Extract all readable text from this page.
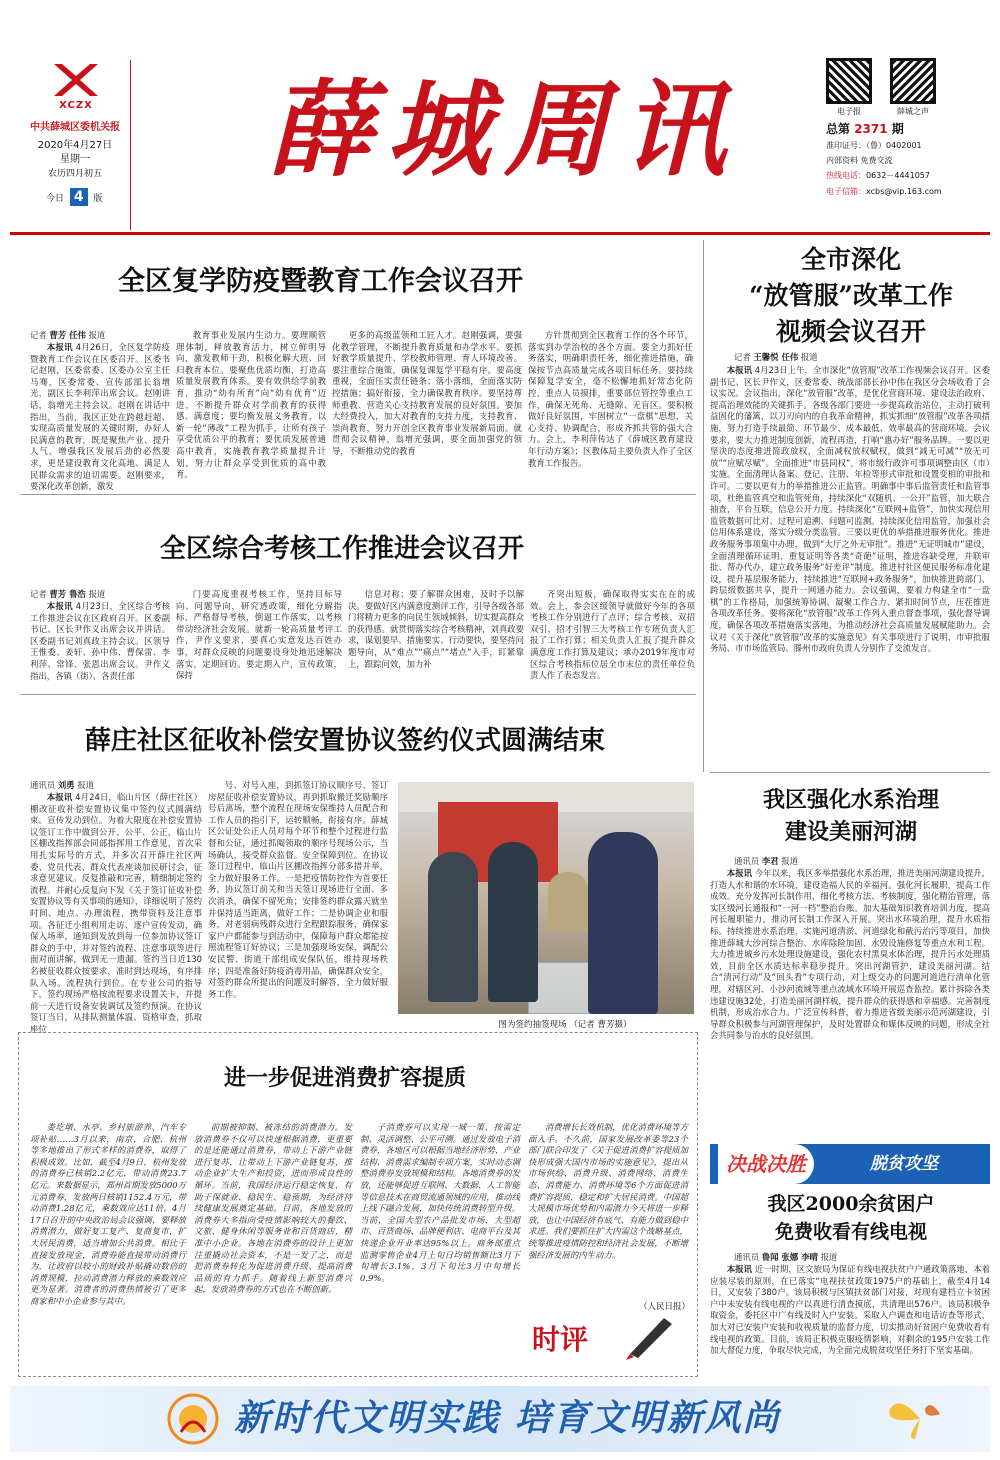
XCZX
中共薛城区委机关报
2020年4月27日
星期一
农历四月初五
今日 4 版
薛城周讯	电子报	薛城之声
总第 2371 期
准印证号：（鲁）0402001
内部资料 免费交流
热线电话：0632－4441057
电子信箱：xcbs@vip.163.com
全区复学防疫暨教育工作会议召开
记者 曹芳 任伟 报道

本报讯 4月26日，全区复学防疫暨教育工作会议在区委召开。区委书记赵刚，区委常委、区委办公室主任马骞，区委常委、宣传部部长翁增光，副区长李利萍出席会议。赵刚讲话，翁增光主持会议。赵刚在讲话中指出，当前，我区正处在跨越赶超、实现高质量发展的关键时期，办好人民满意的教育，既是聚焦产业、提升人气，增强我区发展后劲的必然要求，更是建设教育文化高地、满足人民群众需求的迫切需要。赵刚要求，要深化改革创新，激发

教育事业发展内生动力。要理顺管理体制，释放教育活力，树立鲜明导向，激发教师干劲，积极化解大班、回归教育本位。要聚焦优质均衡，打造高质量发展教育体系。要有效供给学前教育，推动“幼有所育”向“幼有优育”迈进，不断提升群众对学前教育的获得感、满意度；要均衡发展义务教育，以新一轮“薄改”工程为抓手，让所有孩子享受优质公平的教育；要优质发展普通高中教育，实施教育教学质量提升计划，努力让群众享受到优质的高中教育。

更多的高级蓝领和工匠人才。赵刚强调，要强化教学管理，不断提升教育质量和办学水平。要抓好教学质量提升、学校教师管理、育人环境改善。要注重综合施策，确保复课复学平稳有序。要高度重视，全面压实责任链条；落小落细，全面落实防控措施；搞好衔接，全力确保教育秩序。要坚持尊师重教、营造关心支持教育发展的良好氛围。要加大经费投入，加大对教育的支持力度，支持教育、崇尚教育，努力开创全区教育事业发展新局面。就贯彻会议精神，翁增光强调，要全面加强党的领导，不断推动党的教育

方针贯彻到全区教育工作的各个环节，落实到办学治校的各个方面。要全力抓好任务落实，明确职责任务，细化推进措施，确保按节点高质量完成各项目标任务。要持续保障复学安全，毫不松懈地抓好常态化防控，重点人员摸排，重要部位管控等重点工作，确保无死角、无缝隙、无盲区。要积极做好良好氛围，牢固树立“一盘棋”思想，关心支持、协调配合，形成齐抓共管的强大合力。会上，李利萍传达了《薛城区教育建设年行动方案》；区教体局主要负责人作了全区教育工作报告。

全市深化
“放管服”改革工作
视频会议召开
记者 王馨悦 任伟 报道

本报讯 4月23日上午，全市深化“放管服”改革工作视频会议召开。区委副书记、区长尹作义，区委常委、统战部部长孙中伟在我区分会场收看了会议实况。会议指出，深化“放管服”改革，是优化营商环境、建设法治政府、提高治理效能的关键抓手。各级各部门要进一步提高政治站位，主动打破利益固化的藩篱，以刀刃向内的自我革命精神，抓实抓细“放管服”改革各项措施，努力打造手续最简、环节最少、成本最低、效率最高的营商环境。会议要求，要大力推进制度创新，流程再造，打响“惠办好”服务品牌。一要以更坚决的态度推进简政放权，全面减权放权赋权，做到“减无可减”“放无可放”“应赋尽赋”。全面推进“市县同权”，将市级行政许可事项调整由区（市）实施。全面清理认备案、登记、注册、年检等形式审批和设置变相的审批和许可。二要以更有力的举措推进公正监管。明确事中事后监管责任和监管事项，杜绝监管真空和监管死角，持续深化“双随机、一公开”监管，加大联合抽查，平台互联，信息公开力度。持续深化“互联网+监管”，加快实现信用监管数据可比对、过程可追溯、问题可监测。持续深化信用监管，加强社会信用体系建设，落实分级分类监管。三要以更优的举措推进服务优化。推进政务服务事项集中办理，做到“大厅之外无审批”。推进“无证明城市”建设，全面清理循环证明、重复证明等各类“奇葩”证明，推进容缺受理，并联审批、帮办代办，建立政务服务“好差评”制度。推进村社区便民服务标准化建设，提升基层服务能力，持续推进“互联网+政务服务”，加快推进跨部门、跨层级数据共享，提升一网通办能力。会议强调，要着力构建全市“一盘棋”的工作格局，加强统筹协调、凝聚工作合力、紧扣时间节点，压茬推进各项改革任务。要将深化“放管服”改革工作列入重点督查事项，强化督导调度，确保各项改革措施落实落地，为推动经济社会高质量发展赋能助力。会议对《关于深化“放管服”改革的实施意见》有关事项进行了说明，市审批服务局、市市场监管局、滕州市政府负责人分别作了交流发言。

全区综合考核工作推进会议召开
记者 曹芳 鲁浩 报道

本报讯 4月23日，全区综合考核工作推进会议在区政府召开。区委副书记、区长尹作义出席会议并讲话。区委副书记刘真政主持会议。区领导王惟委、姜轩、孙中伟、曹保雷、李利萍、常锋、张恩出席会议。尹作义指出，各镇（街）、各责任部

门要高度重视考核工作，坚持目标导向、问题导向，研究透政策，细化分解指标，严格督导考核，倒逼工作落实，以考核带动经济社会发展。就新一轮高质量考评工作，尹作义要求，要真心实意发达百姓办事，对群众反映的问题要设身处地迅速解决落实，定期回访。要定期入户，宣传政策，保持

信息对称；要了解群众困难，及时予以解决。要做好区内满意度测评工作，引导各级各部门将精力更多的向民生领域倾斜，切实提高群众的获得感。就贯彻落实综合考核精神，刘真政要求，谋划要早、措施要实、行动要快，要坚持问题导向，从“难点”“痛点”“堵点”入手，盯紧靠上，跟踪问效，加力补

齐突出短板，确保取得实实在在的成效。会上，参会区级领导就做好今年的各项考核工作分别进行了点评；综合考核、双招双引、招才引智三大考核工作专班负责人汇报了工作打算；相关负责人汇报了提升群众满意度工作打算及建议；承办2019年度市对区综合考核指标位居全市末位的责任单位负责人作了表态发言。

薛庄社区征收补偿安置协议签约仪式圆满结束
通讯员 刘勇 报道

本报讯 4月24日，临山片区（薛庄社区）棚改征收补偿安置协议集中签约仪式圆满结束。宣传发动到位。为着大限度在补偿安置协议签订工作中做到公开、公平、公正，临山片区棚改指挥部会同部指挥用工作意见，首次采用扎实际号的方式，并多次召开薛庄社区两委、党员代表、群众代表座谈加民研讨会，征求意见建议。反复推敲和完善，精细制定签约流程。并耐心反复向下发《关于签订征收补偿安置协议等有关事项的通知》，详细说明了签约时间、地点、办理流程，携带资料及注意事项。各征迁小组利用走访、逐户宣传发动，确保入场率，通知到发放到每一位参加协议签订群众的手中，并对签约流程、注意事项等进行面对面讲解，做到无一遗漏。签约当日近130名被征收群众按要求，准时到达现场，有序排队入场。流程执行到位。在专业公司的指导下，签约现场严格按流程要求设置关卡，并提前一天进行设备安装调试及签约预演。在协议签订当日，从排队测量体温、资格审查，抓取座位

号、对号入座，到抓签订协议顺序号、签订房屋征收补偿安置协议，再到抓取搬迁奖励顺序号后离场，整个流程在现场安保维持人员配合和工作人员的指引下，运转顺畅，衔接有序。薛城区公证处公正人员对每个环节和整个过程进行监督和公证，通过抓阄领取的顺序号现场公示，当场确认，接受群众监督。安全保障到位。在协议签订过程中，临山片区棚改指挥分部多措并举，全力做好服务工作。一是把疫情防控作为首要任务，协议签订前关和当天签订现场进行全面、多次消杀，确保不留死角；安排签约群众露天就坐并保持适当距离，做好工作；二是协调企业和服务，对老弱病残群众进行全程跟踪服务，确保家家户户都能参与到活动中，保障每户群众都能按照流程签订好协议；三是加强现场安保，调配公安民警、街道干部组成安保队伍，维持现场秩序；四是准备好防疫消毒用品，确保群众安全，对签约群众所提出的问题及时解答，全力做好服务工作。

图为签约抽签现场 （记者 曹芳摄）
我区强化水系治理
建设美丽河湖
通讯员 李君 报道

本报讯 今年以来，我区多举措强化水系治理，推进美丽河湖建设提升，打造人水和谐的水环境，建设造福人民的幸福河。强化河长履职，提高工作成效。充分发挥河长制作用，细化考核方法、考核制度，强化精治管理，落实区级河长通报和“一河一档”整治台账。加大基础知识教育培训力度，提高河长履职能力，推动河长制工作深入开展。突出水环境治理，提升水质指标。持续推进水系治理，实施河道清淤、河道绿化和截污治污等项目，加快推进薛城大沙河综合整治、水库除险加固、水毁设施修复等重点水利工程。大力推进城乡污水处理设施建设，强化农村黑臭水体治理，提升污水处理质效，目前全区水质达标率稳步提升。突出河湖管护，建设美丽河湖。结合“清河行动”及“回头看”专项行动，对上级交办的问题河道进行清单化管理，对辖区河、小沙河流域等重点流域水环境开展巡查监控。累计拆除各类违建设施32处，打造美丽河湖样板，提升群众的获得感和幸福感。完善制度机制，形成治水合力。广泛宣传科普，着力推进省级美丽示范河湖建设，引导群众积极参与河湖管理保护，及时处置群众和媒体反映的问题，形成全社会共同参与治水的良好氛围。

进一步促进消费扩容提质

娄圪墩、水亭、乡村旅游养、汽车专项补贴……3月以来，南京、合肥、杭州等多地推出了形式多样的消费券，取得了积极成效。比如，截至4月9日，杭州发放的消费券已核销2.2亿元，带动消费23.7亿元。来数据显示，郑州首期发放5000万元消费券，发放两日核销1152.4万元，带动消费1.28亿元，乘数效应达11倍。4月17日召开的中央政治局会议强调，要释放消费潜力，做好复工复产、复商复市，扩大居民消费，适当增加公共消费。相比于直接发放现金，消费券能直接带动消费行为，让政府以较小的财政补贴撬动数倍的消费规模，拉动消费潜力释放的乘数效应更为显著。消费者的消费热情被引了更多商家和中小企业参与其中。

前期被抑制、被冻结的消费潜力。发放消费券不仅可以快速根据消费，更重要的是还能通过消费券，带动上下游产业链进行复苏，让带动上下游产业链复苏，推动企业扩大生产和投资，进而形成良性的循环。当前，我国经济运行稳定恢复，有助于保就业、稳民生、稳预期，为经济持续健康发展奠定基础。目前，各地发放的消费券大多指向受疫情影响较大的餐饮、文旅、健身休闲等服务业和百货商店，精准中小企业。各地在消费券的设计上更加注重撬动社会资本，不是一发了之，而是把消费券转化为促进消费升级、提高消费品质的有力抓手。随着线上新型消费兴起，发放消费券的方式也在不断创新。

子消费券可以实现一城一策、按需定制、灵活调整、公平可溯。通过发放电子消费券，各地区可以根据当地经济形势、产业结构、消费需求编制专项方案，实时动态调整消费券发放规模和结构。各地消费券的发放，还能够促进互联网、大数据、人工智能等信息技术在商贸流通领域的应用，推动线上线下融合发展，加快传统消费转型升级。当前，全国大型农产品批发市场、大型超市、百货商场、品牌便利店、电商平台及其快递企业开业率达95%以上。商务部重点监测零售企业4月上旬日均销售额比3月下旬增长3.1%，3月下旬比3月中旬增长0.9%。

消费增长长效机制，优化消费环境等方面入手。不久前，国家发展改革委等23个部门联合印发了《关于促进消费扩容提质加快形成强大国内市场的实施意见》，提出从市场供给、消费升级、消费网络、消费生态、消费能力、消费环境等6个方面促进消费扩容提质，稳定和扩大居民消费。中国超大规模市场优势和内需潜力今天将进一步释放，也让中国经济有底气、有能力做到稳中求进。我们要抓住扩大内需这个战略基点，统筹推进疫情防控和经济社会发展，不断增强经济发展的内生动力。

（人民日报）
时评
决战决胜	脱贫攻坚
我区2000余贫困户
免费收看有线电视
通讯员 鲁闻 张娜 李晴 报道

本报讯 近一时期，区文旅局为保证有线电视扶贫户户通政策落地，本着应装尽装的原则，在已落实“电视扶贫政策1975户的基础上，截至4月14日，又安装了380户。该局积极与区镇扶贫部门对接，对现有建档立卡贫困户中未安装有线电视的户以真进行清查摸底，共清理出576户。该局积极争取资金，委托区中广有线及时入户安装。采取入户调查和电话访查等形式，加大对已安装户安装和收视质量的监督力度，切实推动好贫困户免费收看有线电视的政策。目前，该局正积极克服疫情影响，对剩余的195户安装工作加大督促力度，争取尽快完成，为全面完成脱贫攻坚任务打下坚实基础。

新时代文明实践 培育文明新风尚
